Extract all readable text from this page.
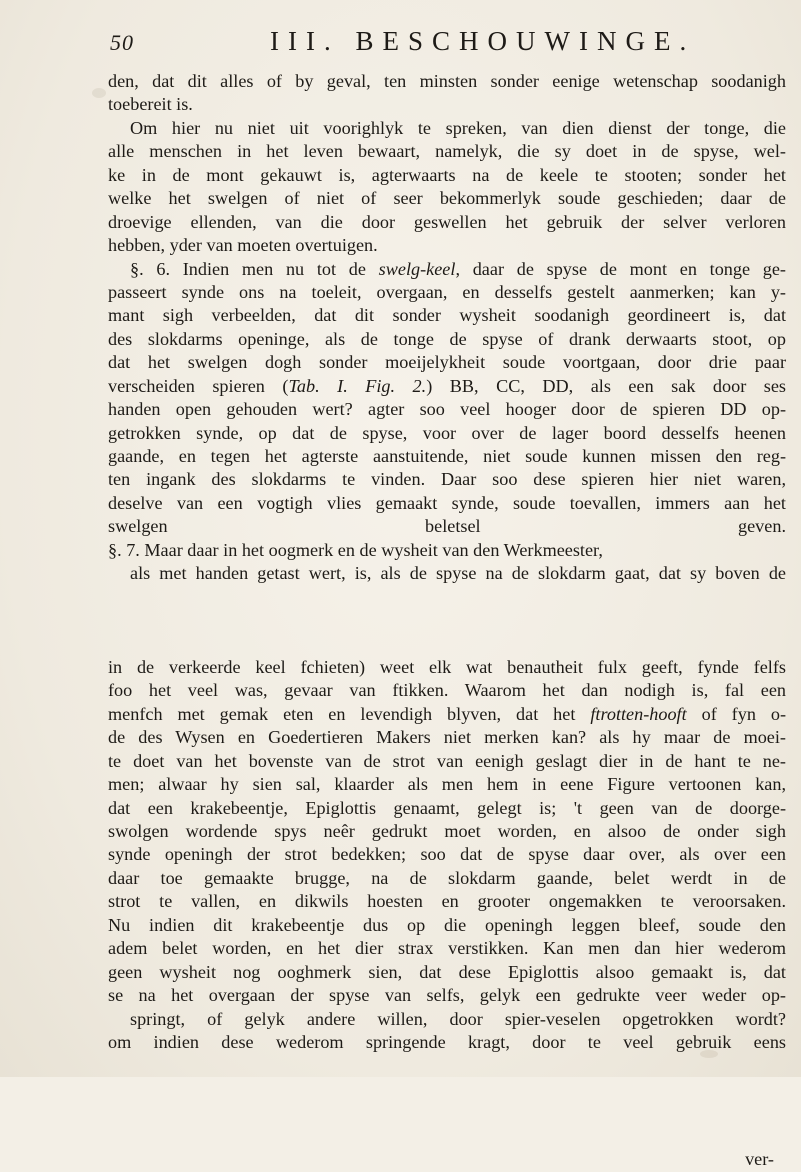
50	III. BESCHOUWINGE.
den, dat dit alles of by geval, ten minsten sonder eenige wetenschap soodanigh
toebereit is.
Om hier nu niet uit voorighlyk te spreken, van dien dienst der tonge, die
alle menschen in het leven bewaart, namelyk, die sy doet in de spyse, wel-
ke in de mont gekauwt is, agterwaarts na de keele te stooten; sonder het
welke het swelgen of niet of seer bekommerlyk soude geschieden; daar de
droevige ellenden, van die door geswellen het gebruik der selver verloren
hebben, yder van moeten overtuigen.
§. 6. Indien men nu tot de swelg-keel, daar de spyse de mont en tonge ge-
passeert synde ons na toeleit, overgaan, en desselfs gestelt aanmerken; kan y-
mant sigh verbeelden, dat dit sonder wysheit soodanigh geordineert is, dat
des slokdarms openinge, als de tonge de spyse of drank derwaarts stoot, op
dat het swelgen dogh sonder moeijelykheit soude voortgaan, door drie paar
verscheiden spieren (Tab. I. Fig. 2.) BB, CC, DD, als een sak door ses
handen open gehouden wert? agter soo veel hooger door de spieren DD op-
getrokken synde, op dat de spyse, voor over de lager boord desselfs heenen
gaande, en tegen het agterste aanstuitende, niet soude kunnen missen den reg-
ten ingank des slokdarms te vinden. Daar soo dese spieren hier niet waren,
deselve van een vogtigh vlies gemaakt synde, soude toevallen, immers aan het
swelgen beletsel geven.
§. 7. Maar daar in het oogmerk en de wysheit van den Werkmeester,
als met handen getast wert, is, als de spyse na de slokdarm gaat, dat sy boven de
in de verkeerde keel fchieten) weet elk wat benautheit fulx geeft, fynde felfs
foo het veel was, gevaar van ftikken. Waarom het dan nodigh is, fal een
menfch met gemak eten en levendigh blyven, dat het ftrotten-hooft of fyn o-
de des Wysen en Goedertieren Makers niet merken kan? als hy maar de moei-
te doet van het bovenste van de strot van eenigh geslagt dier in de hant te ne-
men; alwaar hy sien sal, klaarder als men hem in eene Figure vertoonen kan,
dat een krakebeentje, Epiglottis genaamt, gelegt is; 't geen van de doorge-
swolgen wordende spys neêr gedrukt moet worden, en alsoo de onder sigh
synde openingh der strot bedekken; soo dat de spyse daar over, als over een
daar toe gemaakte brugge, na de slokdarm gaande, belet werdt in de
strot te vallen, en dikwils hoesten en grooter ongemakken te veroorsaken.
Nu indien dit krakebeentje dus op die openingh leggen bleef, soude den
adem belet worden, en het dier strax verstikken. Kan men dan hier wederom
geen wysheit nog ooghmerk sien, dat dese Epiglottis alsoo gemaakt is, dat
se na het overgaan der spyse van selfs, gelyk een gedrukte veer weder op-
springt, of gelyk andere willen, door spier-veselen opgetrokken wordt?
om indien dese wederom springende kragt, door te veel gebruik eens
ver-
